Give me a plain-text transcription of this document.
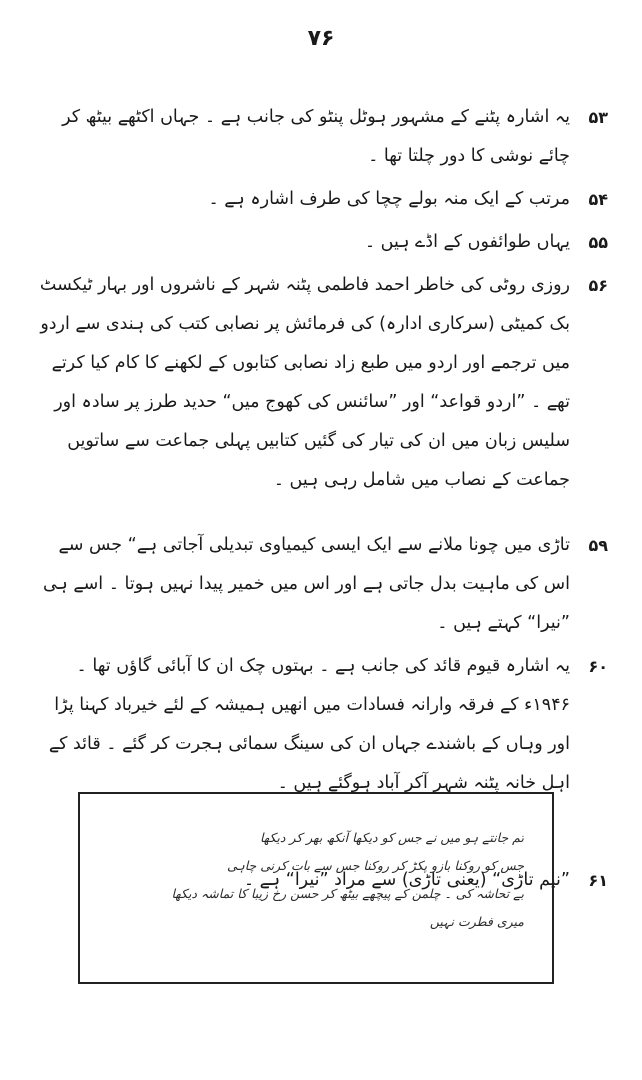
۷۶
۵۳
یہ اشارہ پٹنے کے مشہور ہوٹل پنٹو کی جانب ہے ۔ جہاں اکٹھے بیٹھ کر چائے نوشی کا دور چلتا تھا ۔
۵۴
مرتب کے ایک منہ بولے چچا کی طرف اشارہ ہے ۔
۵۵
یہاں طوائفوں کے اڈے ہیں ۔
۵۶
روزی روٹی کی خاطر احمد فاطمی پٹنہ شہر کے ناشروں اور بہار ٹیکسٹ بک کمیٹی (سرکاری ادارہ) کی فرمائش پر نصابی کتب کی ہندی سے اردو میں ترجمے اور اردو میں طبع زاد نصابی کتابوں کے لکھنے کا کام کیا کرتے تھے ۔ ”اردو قواعد“ اور ”سائنس کی کھوج میں“ حدید طرز پر سادہ اور سلیس زبان میں ان کی تیار کی گئیں کتابیں پہلی جماعت سے ساتویں جماعت کے نصاب میں شامل رہی ہیں ۔
۵۹
تاڑی میں چونا ملانے سے ایک ایسی کیمیاوی تبدیلی آجاتی ہے“ جس سے اس کی ماہیت بدل جاتی ہے اور اس میں خمیر پیدا نہیں ہوتا ۔ اسے ہی ”نیرا“ کہتے ہیں ۔
۶۰
یہ اشارہ قیوم قائد کی جانب ہے ۔ بہتوں چک ان کا آبائی گاؤں تھا ۔ ۱۹۴۶ء کے فرقہ وارانہ فسادات میں انھیں ہمیشہ کے لئے خیرباد کہنا پڑا اور وہاں کے باشندے جہاں ان کی سینگ سمائی ہجرت کر گئے ۔ قائد کے اہل خانہ پٹنہ شہر آکر آباد ہوگئے ہیں ۔
۶۱
”نیم تاڑی“ (یعنی تاڑی) سے مراد ”نیرا“ ہے ۔
تم جانتے ہو میں نے جس کو دیکھا آنکھ بھر کر دیکھا
جس کو روکنا بازو پکڑ کر روکنا جس سے بات کرنی چاہی
بے تحاشہ کی ۔ چلمن کے پیچھے بیٹھ کر حسن رخ زیبا کا تماشہ دیکھا
میری فطرت نہیں
